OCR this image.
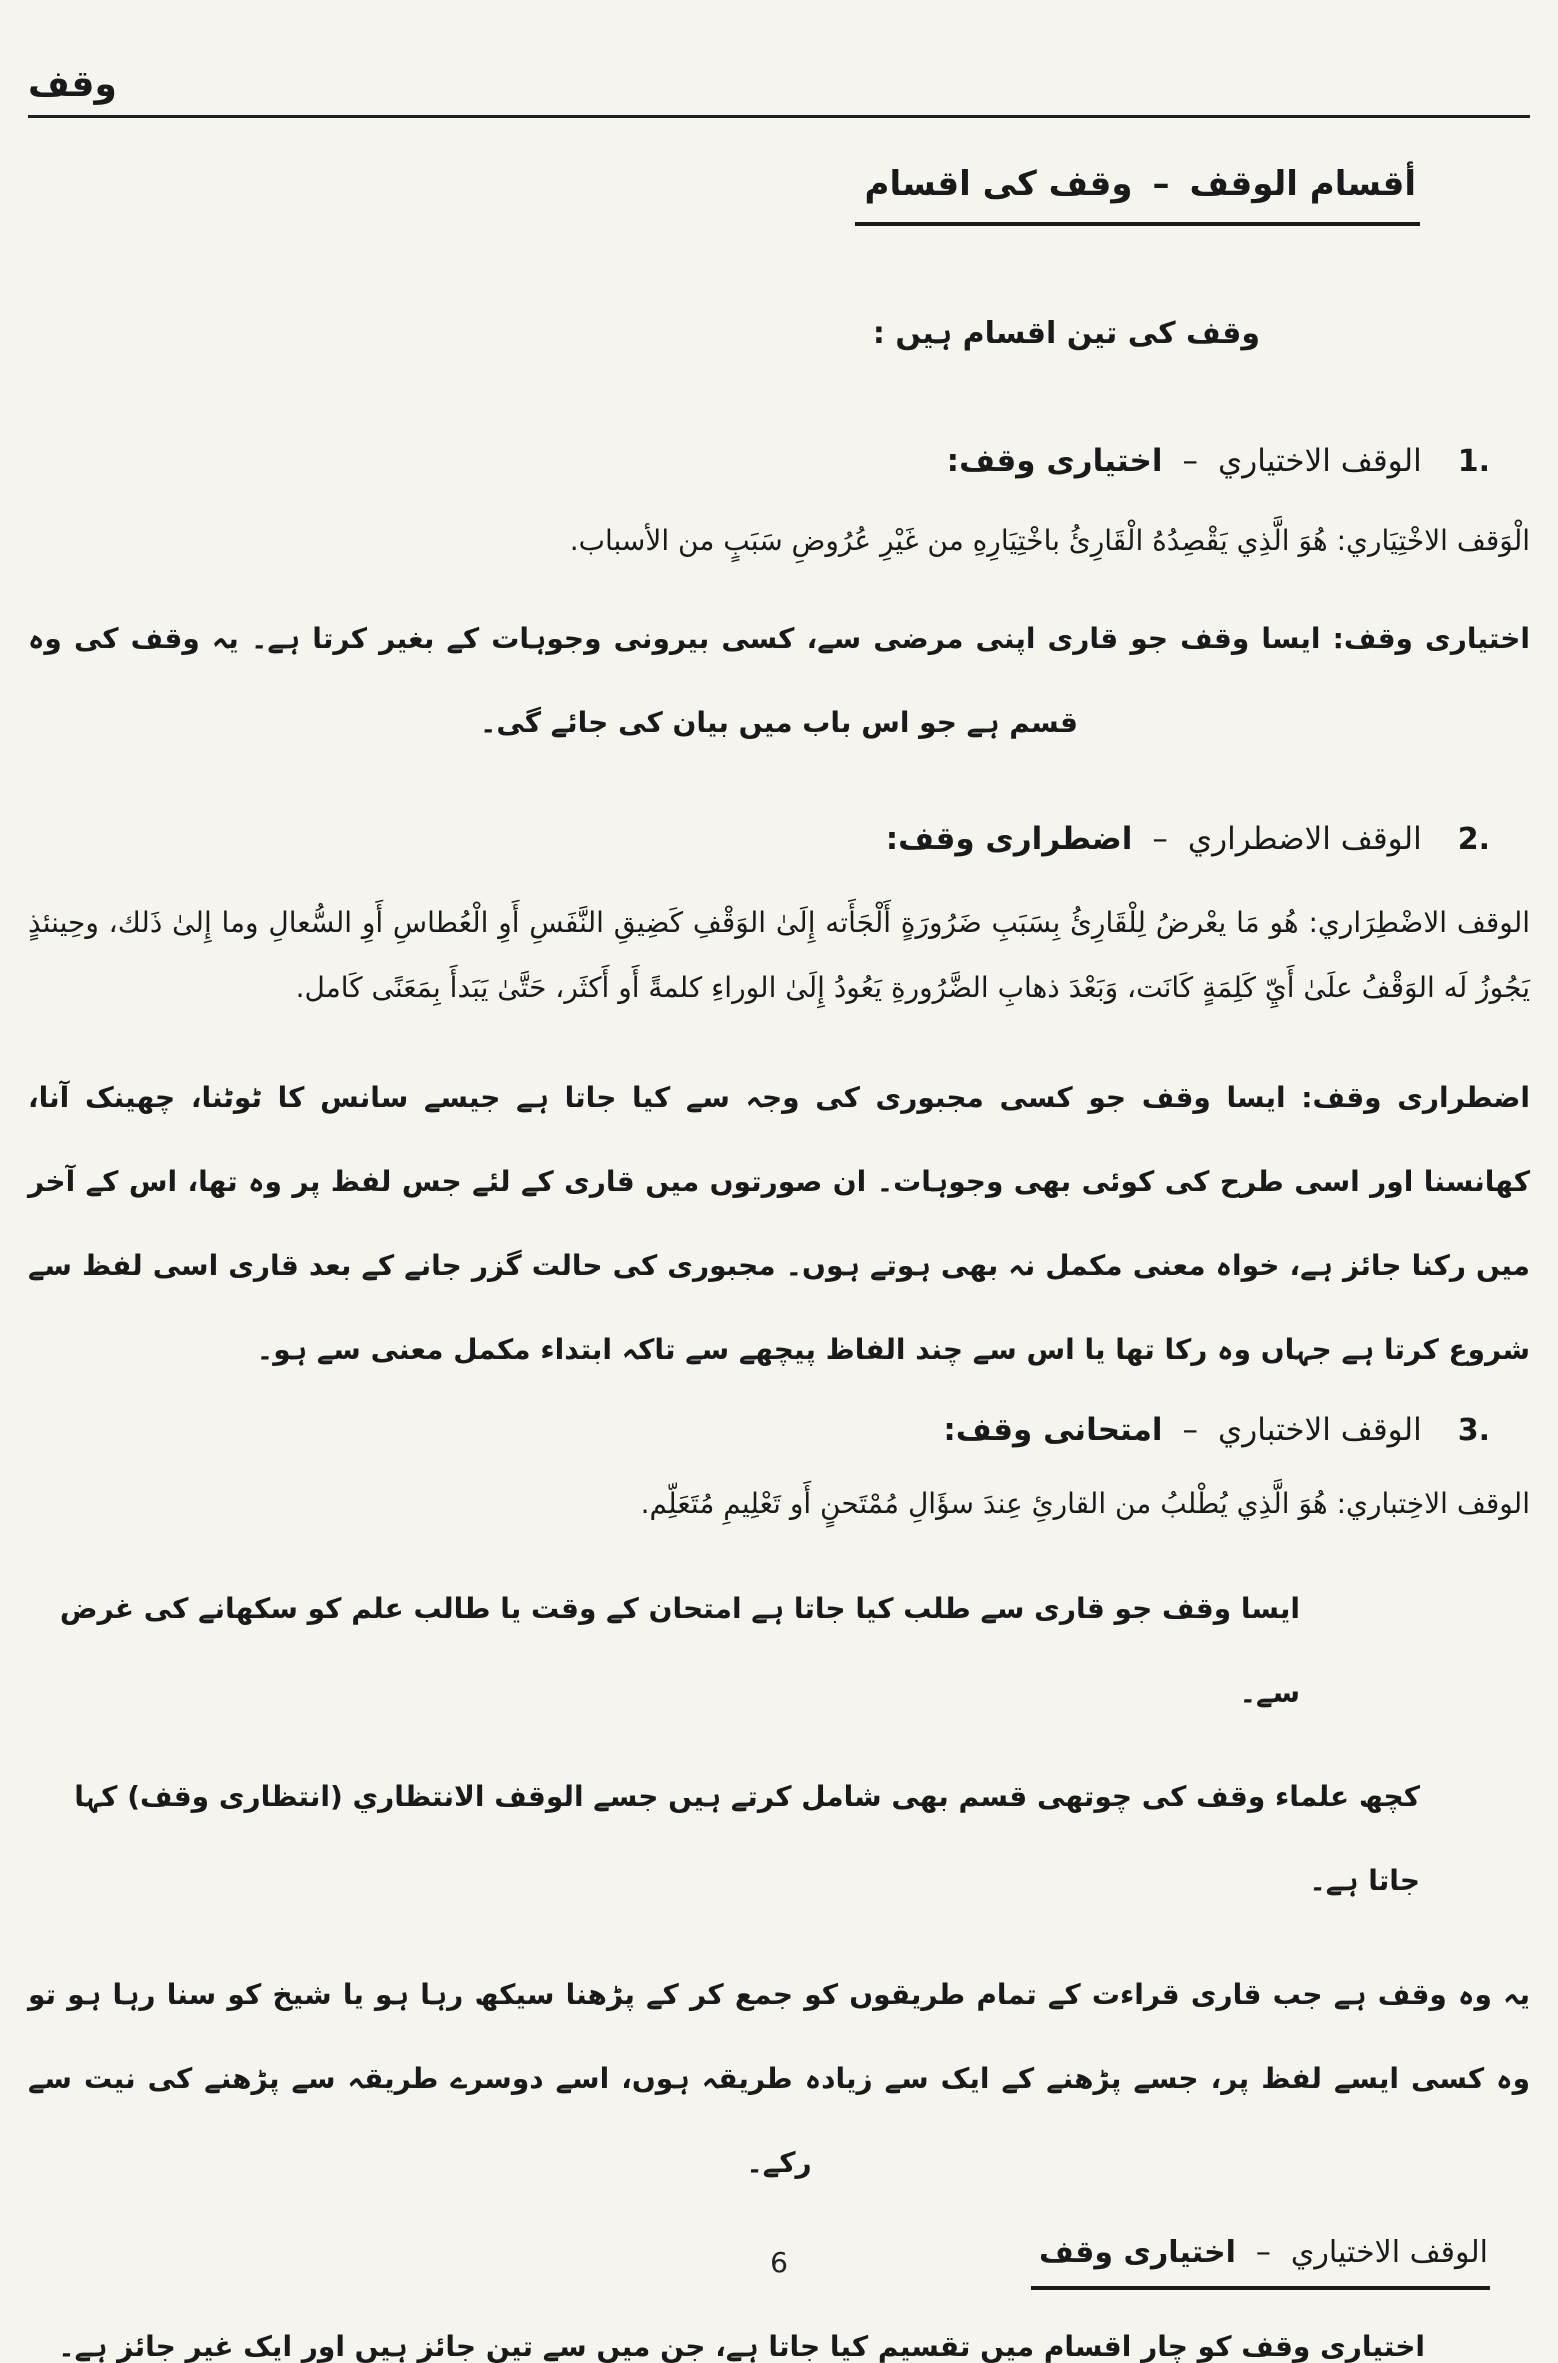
وقف
أقسام الوقف–وقف کی اقسام

وقف کی تین اقسام ہیں :

1.الوقف الاختياري–اختیاری وقف:

الْوَقف الاخْتِيَاري: هُوَ الَّذِي يَقْصِدُهُ الْقَارِئُ باخْتِيَارِهِ من غَيْرِ عُرُوضِ سَبَبٍ من الأسباب.

اختیاری وقف: ایسا وقف جو قاری اپنی مرضی سے، کسی بیرونی وجوہات کے بغیر کرتا ہے۔ یہ وقف کی وہ قسم ہے جو اس باب میں بیان کی جائے گی۔

2.الوقف الاضطراري–اضطراری وقف:

الوقف الاضْطِرَاري: هُو مَا يعْرضُ لِلْقَارِئُ بِسَبَبِ ضَرُورَةٍ أَلْجَأَته إِلَىٰ الوَقْفِ كَضِيقِ النَّفَسِ أَوِ الْعُطاسِ أَوِ السُّعالِ وما إِلىٰ ذَلك، وحِينئذٍ يَجُوزُ لَه الوَقْفُ علَىٰ أَيِّ كَلِمَةٍ كَانَت، وَبَعْدَ ذهابِ الضَّرُورةِ يَعُودُ إِلَىٰ الوراءِ كلمةً أَو أَكثَر، حَتَّىٰ يَبَدأَ بِمَعَنًى كَامل.

اضطراری وقف: ایسا وقف جو کسی مجبوری کی وجہ سے کیا جاتا ہے جیسے سانس کا ٹوٹنا، چھینک آنا، کھانسنا اور اسی طرح کی کوئی بھی وجوہات۔ ان صورتوں میں قاری کے لئے جس لفظ پر وہ تھا، اس کے آخر میں رکنا جائز ہے، خواہ معنی مکمل نہ بھی ہوتے ہوں۔ مجبوری کی حالت گزر جانے کے بعد قاری اسی لفظ سے شروع کرتا ہے جہاں وہ رکا تھا یا اس سے چند الفاظ پیچھے سے تاکہ ابتداء مکمل معنی سے ہو۔

3.الوقف الاختباري–امتحانی وقف:

الوقف الاخِتباري: هُوَ الَّذِي يُطْلبُ من القارئِ عِندَ سؤَالِ مُمْتَحنٍ أَو تَعْلِيمِ مُتَعَلِّم.

ایسا وقف جو قاری سے طلب کیا جاتا ہے امتحان کے وقت یا طالب علم کو سکھانے کی غرض سے۔

کچھ علماء وقف کی چوتھی قسم بھی شامل کرتے ہیں جسے الوقف الانتظاري (انتظاری وقف) کہا جاتا ہے۔

یہ وہ وقف ہے جب قاری قراءت کے تمام طریقوں کو جمع کر کے پڑھنا سیکھ رہا ہو یا شیخ کو سنا رہا ہو تو وہ کسی ایسے لفظ پر، جسے پڑھنے کے ایک سے زیادہ طریقہ ہوں، اسے دوسرے طریقہ سے پڑھنے کی نیت سے رکے۔

الوقف الاختياري–اختیاری وقف

اختیاری وقف کو چار اقسام میں تقسیم کیا جاتا ہے، جن میں سے تین جائز ہیں اور ایک غیر جائز ہے۔

6
